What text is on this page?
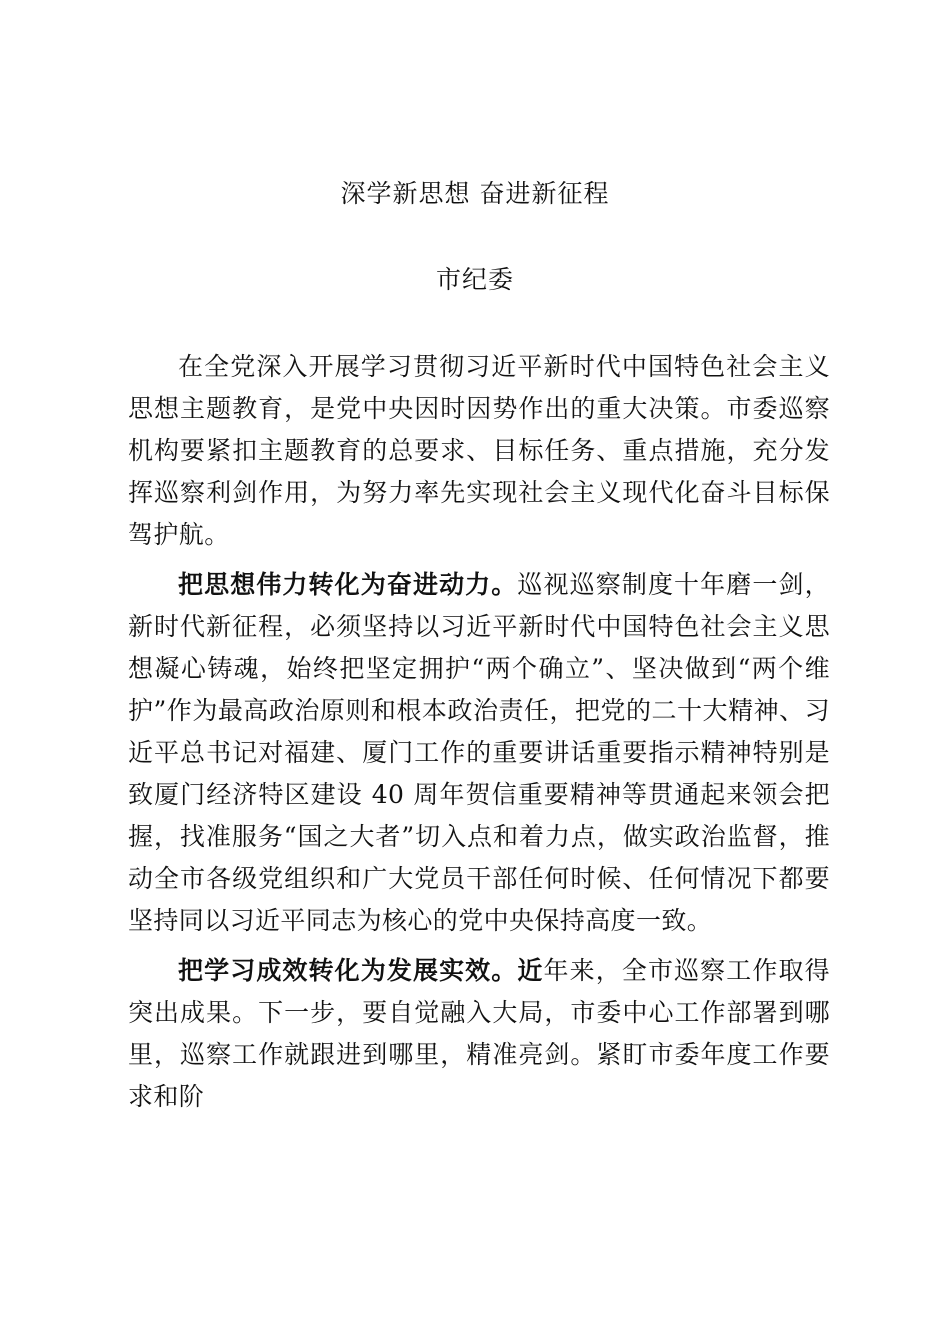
深学新思想 奋进新征程
市纪委

在全党深入开展学习贯彻习近平新时代中国特色社会主义思想主题教育，是党中央因时因势作出的重大决策。市委巡察机构要紧扣主题教育的总要求、目标任务、重点措施，充分发挥巡察利剑作用，为努力率先实现社会主义现代化奋斗目标保驾护航。

把思想伟力转化为奋进动力。巡视巡察制度十年磨一剑，新时代新征程，必须坚持以习近平新时代中国特色社会主义思想凝心铸魂，始终把坚定拥护“两个确立”、坚决做到“两个维护”作为最高政治原则和根本政治责任，把党的二十大精神、习近平总书记对福建、厦门工作的重要讲话重要指示精神特别是致厦门经济特区建设 40 周年贺信重要精神等贯通起来领会把握，找准服务“国之大者”切入点和着力点，做实政治监督，推动全市各级党组织和广大党员干部任何时候、任何情况下都要坚持同以习近平同志为核心的党中央保持高度一致。

把学习成效转化为发展实效。近年来，全市巡察工作取得突出成果。下一步，要自觉融入大局，市委中心工作部署到哪里，巡察工作就跟进到哪里，精准亮剑。紧盯市委年度工作要求和阶
